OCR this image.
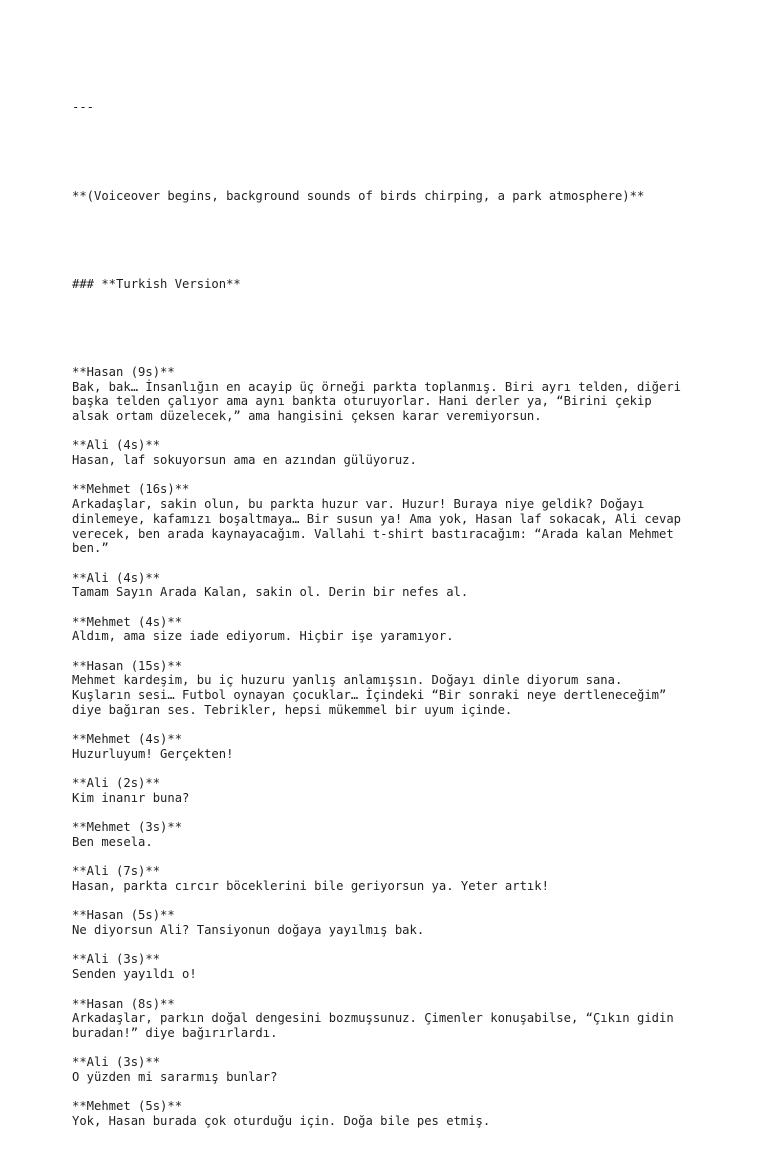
---

**(Voiceover begins, background sounds of birds chirping, a park atmosphere)**

### **Turkish Version**

**Hasan (9s)**
Bak, bak… İnsanlığın en acayip üç örneği parkta toplanmış. Biri ayrı telden, diğeri
başka telden çalıyor ama aynı bankta oturuyorlar. Hani derler ya, “Birini çekip
alsak ortam düzelecek,” ama hangisini çeksen karar veremiyorsun.
**Ali (4s)**
Hasan, laf sokuyorsun ama en azından gülüyoruz.
**Mehmet (16s)**
Arkadaşlar, sakin olun, bu parkta huzur var. Huzur! Buraya niye geldik? Doğayı
dinlemeye, kafamızı boşaltmaya… Bir susun ya! Ama yok, Hasan laf sokacak, Ali cevap
verecek, ben arada kaynayacağım. Vallahi t-shirt bastıracağım: “Arada kalan Mehmet
ben.”
**Ali (4s)**
Tamam Sayın Arada Kalan, sakin ol. Derin bir nefes al.
**Mehmet (4s)**
Aldım, ama size iade ediyorum. Hiçbir işe yaramıyor.
**Hasan (15s)**
Mehmet kardeşim, bu iç huzuru yanlış anlamışsın. Doğayı dinle diyorum sana.
Kuşların sesi… Futbol oynayan çocuklar… İçindeki “Bir sonraki neye dertleneceğim”
diye bağıran ses. Tebrikler, hepsi mükemmel bir uyum içinde.
**Mehmet (4s)**
Huzurluyum! Gerçekten!
**Ali (2s)**
Kim inanır buna?
**Mehmet (3s)**
Ben mesela.
**Ali (7s)**
Hasan, parkta cırcır böceklerini bile geriyorsun ya. Yeter artık!
**Hasan (5s)**
Ne diyorsun Ali? Tansiyonun doğaya yayılmış bak.
**Ali (3s)**
Senden yayıldı o!
**Hasan (8s)**
Arkadaşlar, parkın doğal dengesini bozmuşsunuz. Çimenler konuşabilse, “Çıkın gidin
buradan!” diye bağırırlardı.
**Ali (3s)**
O yüzden mi sararmış bunlar?
**Mehmet (5s)**
Yok, Hasan burada çok oturduğu için. Doğa bile pes etmiş.
